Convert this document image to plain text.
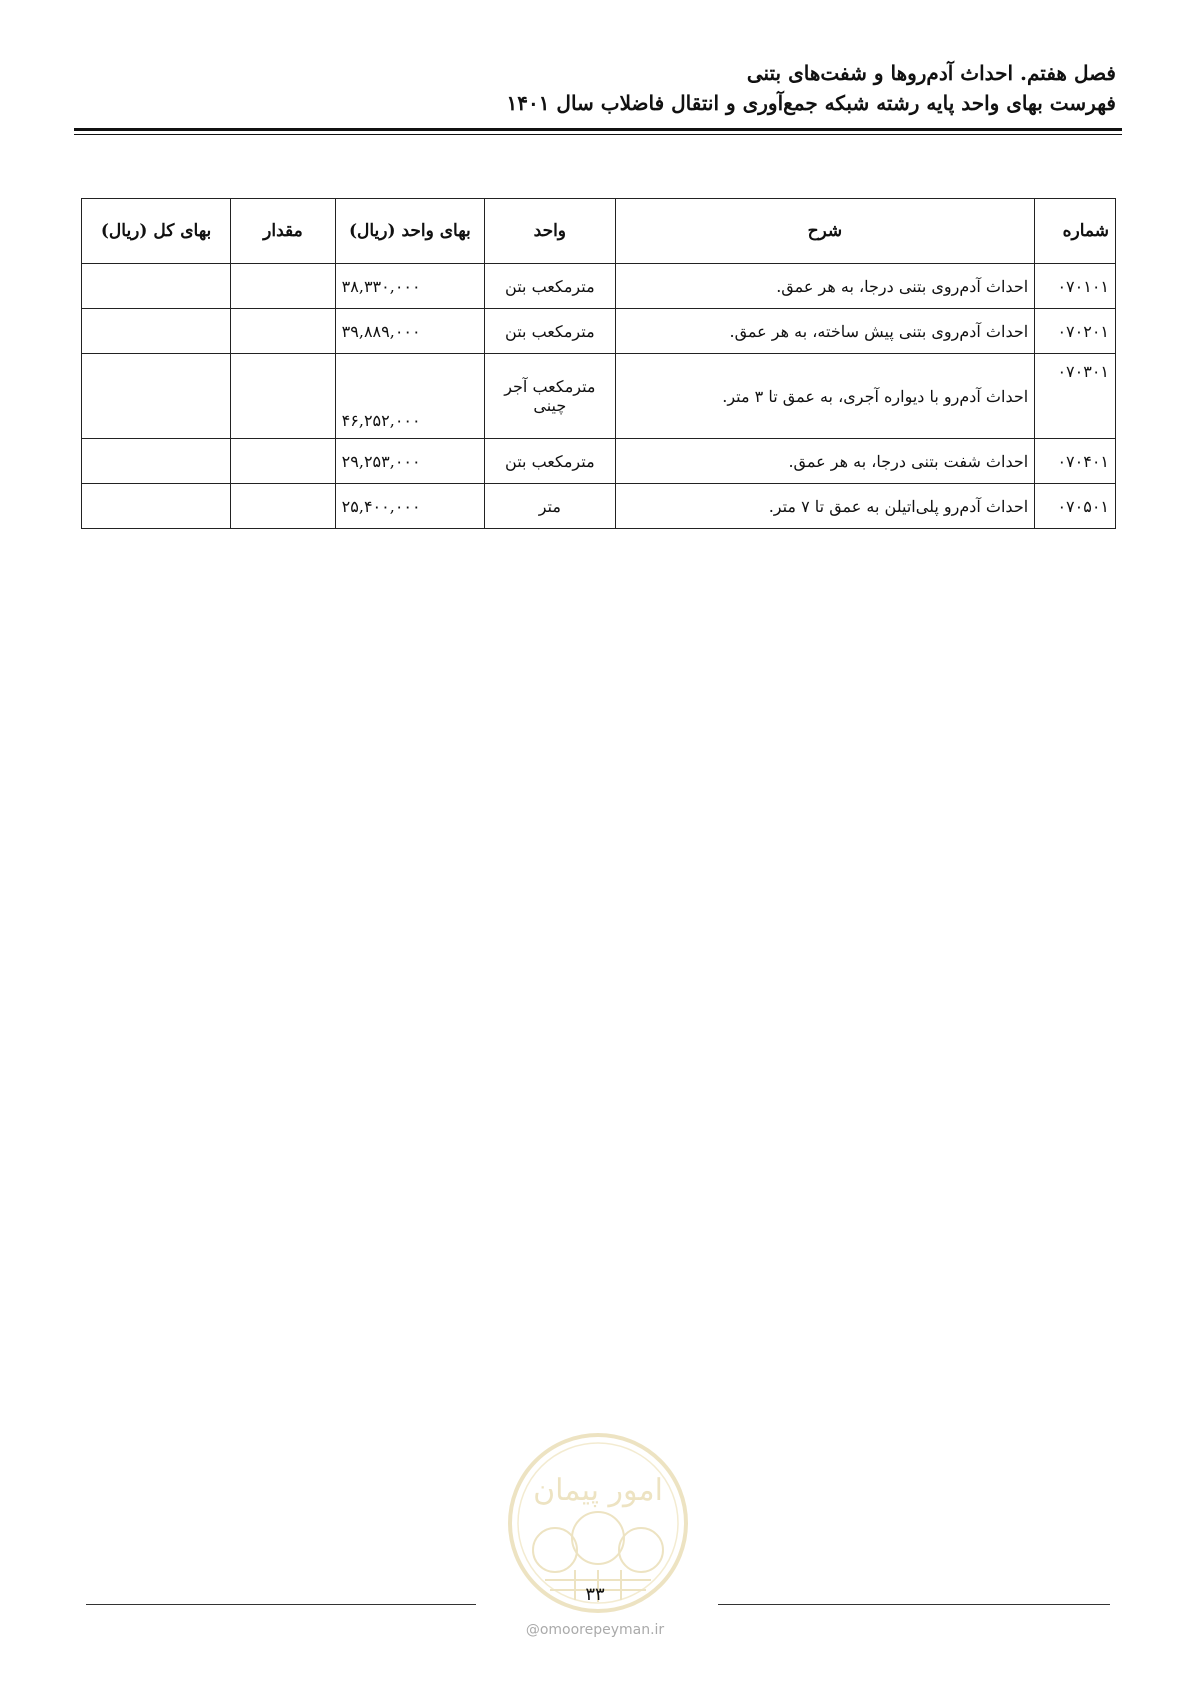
فصل هفتم. احداث آدم‌روها و شفت‌های بتنی
فهرست بهای واحد پایه رشته شبکه جمع‌آوری و انتقال فاضلاب سال ۱۴۰۱
شماره	شرح	واحد	بهای واحد (ریال)	مقدار	بهای کل (ریال)
۰۷۰۱۰۱	احداث آدم‌روی بتنی درجا، به هر عمق.	مترمکعب بتن	۳۸,۳۳۰,۰۰۰		
۰۷۰۲۰۱	احداث آدم‌روی بتنی پیش ساخته، به هر عمق.	مترمکعب بتن	۳۹,۸۸۹,۰۰۰		
۰۷۰۳۰۱	احداث آدم‌رو با دیواره آجری، به عمق تا ۳ متر.	مترمکعب آجر چینی	۴۶,۲۵۲,۰۰۰		
۰۷۰۴۰۱	احداث شفت بتنی درجا، به هر عمق.	مترمکعب بتن	۲۹,۲۵۳,۰۰۰		
۰۷۰۵۰۱	احداث آدم‌رو پلی‌اتیلن به عمق تا ۷ متر.	متر	۲۵,۴۰۰,۰۰۰		
امور پیمان
۳۳
@omoorepeyman.ir
